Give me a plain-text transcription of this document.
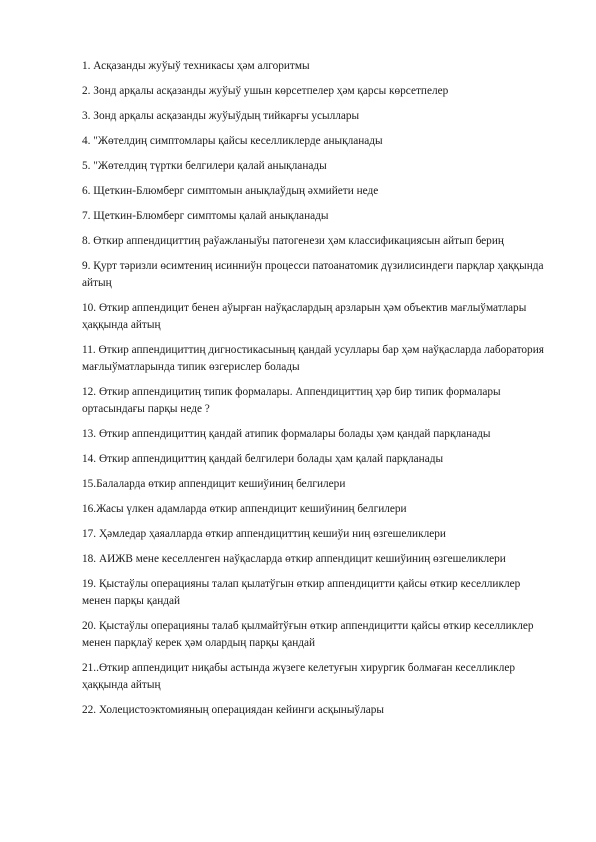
1. Асқазанды жуўыў техникасы ҳәм алгоритмы
2. Зонд арқалы асқазанды жуўыў ушын көрсетпелер ҳәм қарсы көрсетпелер
3. Зонд арқалы асқазанды жуўыўдың тийкарғы усыллары
4. "Жөтелдиң симптомлары қайсы кеселликлерде анықланады
5. "Жөтелдиң түртки белгилери қалай анықланады
6. Щеткин-Блюмберг симптомын анықлаўдың әхмийети неде
7. Щеткин-Блюмберг симптомы қалай анықланады
8. Өткир аппендициттиң раўажланыўы патогенези ҳәм классификациясын айтып бериң
9. Қурт тәризли өсимтениң исинниўн процесси патоанатомик дүзилисиндеги парқлар ҳаққында айтың
10. Өткир аппендицит бенен аўырған наўқаслардың арзларын ҳәм объектив мағлыўматлары ҳаққында айтың
11. Өткир аппендициттиң дигностикасының қандай усуллары бар ҳәм наўқасларда лаборатория мағлыўматларында типик өзгерислер болады
12. Өткир аппендицитиң типик формалары. Аппендициттиң ҳәр бир типик формалары ортасындағы парқы неде ?
13. Өткир аппендициттиң қандай атипик формалары болады ҳәм қандай парқланады
14. Өткир аппендициттиң қандай белгилери болады ҳам қалай парқланады
15.Балаларда өткир аппендицит кешиўиниң белгилери
16.Жасы үлкен адамларда өткир аппендицит кешиўиниң белгилери
17. Ҳәмледар ҳаяалларда өткир аппендициттиң кешиўи ниң өзгешеликлери
18. АИЖВ мене кеселленген наўқасларда өткир аппендицит кешиўиниң өзгешеликлери
19. Қыстаўлы операцияны талап қылатўгын өткир аппендицитти қайсы өткир кеселликлер менен парқы қандай
20. Қыстаўлы операцияны талаб қылмайтўғын өткир аппендицитти қайсы өткир кеселликлер менен парқлаў керек ҳәм олардың парқы қандай
21..Өткир аппендицит ниқабы астында жүзеге келетуғын хирургик болмаған кеселликлер ҳаққында айтың
22. Холецистоэктомияның операциядан кейинги асқыныўлары
